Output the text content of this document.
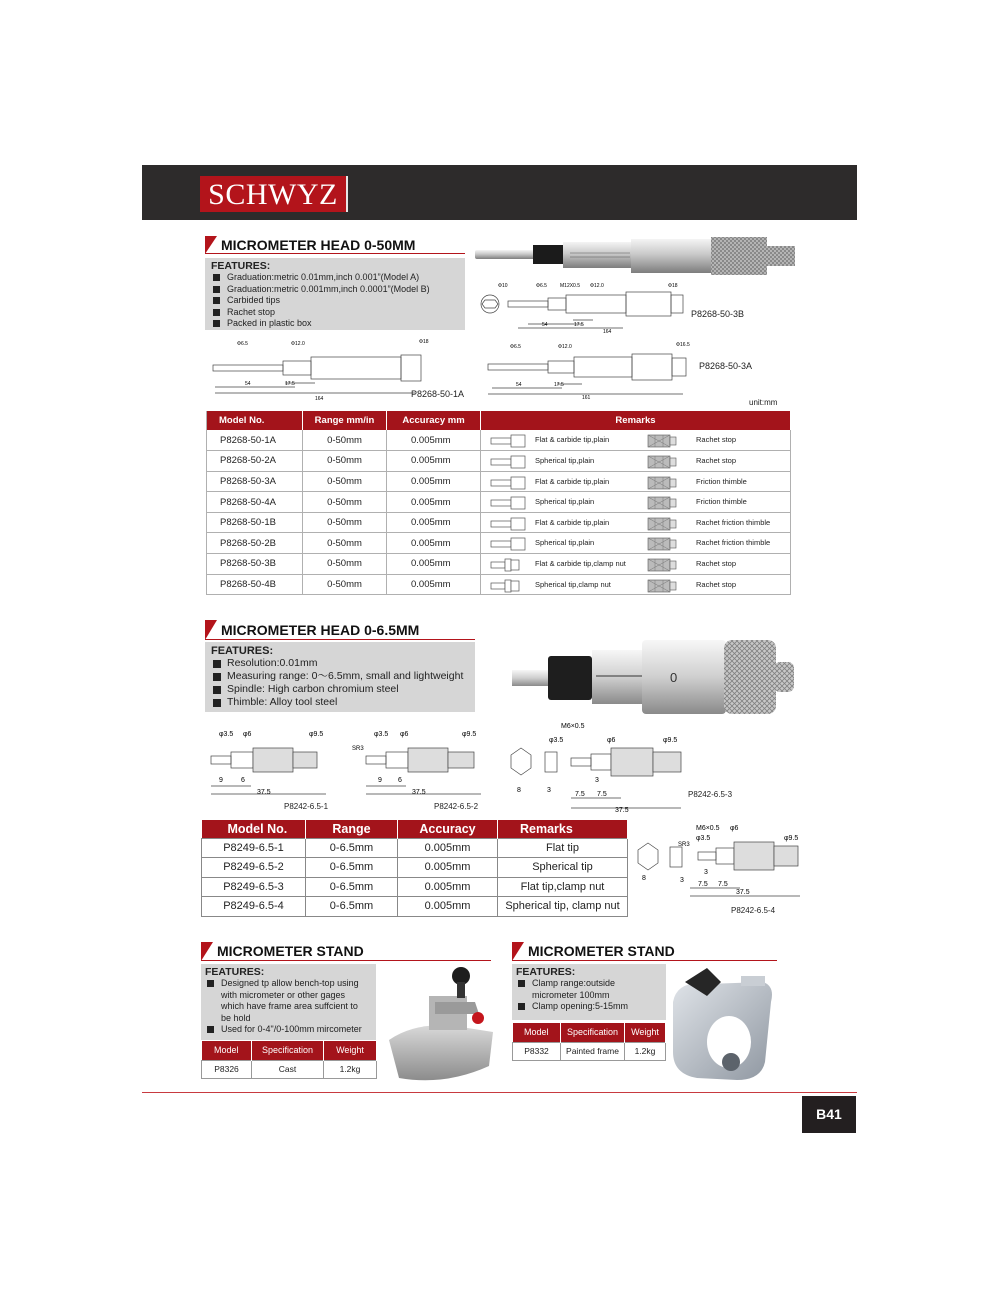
SCHWYZ
MICROMETER HEAD 0-50MM
FEATURES:
Graduation:metric 0.01mm,inch 0.001”(Model A)
Graduation:metric 0.001mm,inch 0.0001”(Model B)
Carbided tips
Rachet stop
Packed in plastic box
Φ10	Φ6.5	M12X0.5 Φ12.0	Φ18
54	17.5
164
P8268-50-3B
Φ6.5	Φ12.0	Φ18
54	17.5
164	P8268-50-1A
Φ6.5	Φ12.0	Φ16.5
54	17.5
161
P8268-50-3A
unit:mm
Model No.	Range mm/in	Accuracy mm	Remarks
P8268-50-1A	0-50mm	0.005mm	Flat & carbide tip,plain Rachet stop

P8268-50-2A	0-50mm	0.005mm	Spherical tip,plain Rachet stop

P8268-50-3A	0-50mm	0.005mm	Flat & carbide tip,plain Friction thimble

P8268-50-4A	0-50mm	0.005mm	Spherical tip,plain Friction thimble

P8268-50-1B	0-50mm	0.005mm	Flat & carbide tip,plain Rachet friction thimble

P8268-50-2B	0-50mm	0.005mm	Spherical tip,plain Rachet friction thimble

P8268-50-3B	0-50mm	0.005mm	Flat & carbide tip,clamp nut Rachet stop

P8268-50-4B	0-50mm	0.005mm	Spherical tip,clamp nut Rachet stop
MICROMETER HEAD 0-6.5MM
FEATURES:
Resolution:0.01mm
Measuring range: 0～6.5mm, small and lightweight
Spindle: High carbon chromium steel
Thimble: Alloy tool steel
0
φ3.5 φ6	φ9.5
9	6
37.5
P8242-6.5-1
φ3.5 φ6	φ9.5
SR3
9 6
37.5
P8242-6.5-2
M6×0.5
φ3.5	φ6	φ9.5
8	3
3
7.5 7.5
37.5
P8242-6.5-3
Model No.	Range	Accuracy	Remarks
P8249-6.5-1	0-6.5mm	0.005mm	Flat tip
P8249-6.5-2	0-6.5mm	0.005mm	Spherical tip
P8249-6.5-3	0-6.5mm	0.005mm	Flat tip,clamp nut
P8249-6.5-4	0-6.5mm	0.005mm	Spherical tip, clamp nut
M6×0.5 φ6
φ3.5	φ9.5
SR3
8	3
3
7.5 7.5
37.5
P8242-6.5-4
MICROMETER STAND
FEATURES:
Designed tp allow bench-top using with micrometer or other gages which have frame area suffcient to be hold
Used for 0-4"/0-100mm mircometer
Model	Specification	Weight
P8326	Cast	1.2kg
MICROMETER STAND
FEATURES:
Clamp range:outside micrometer 100mm
Clamp opening:5-15mm
Model	Specification	Weight
P8332	Painted frame	1.2kg
B41
